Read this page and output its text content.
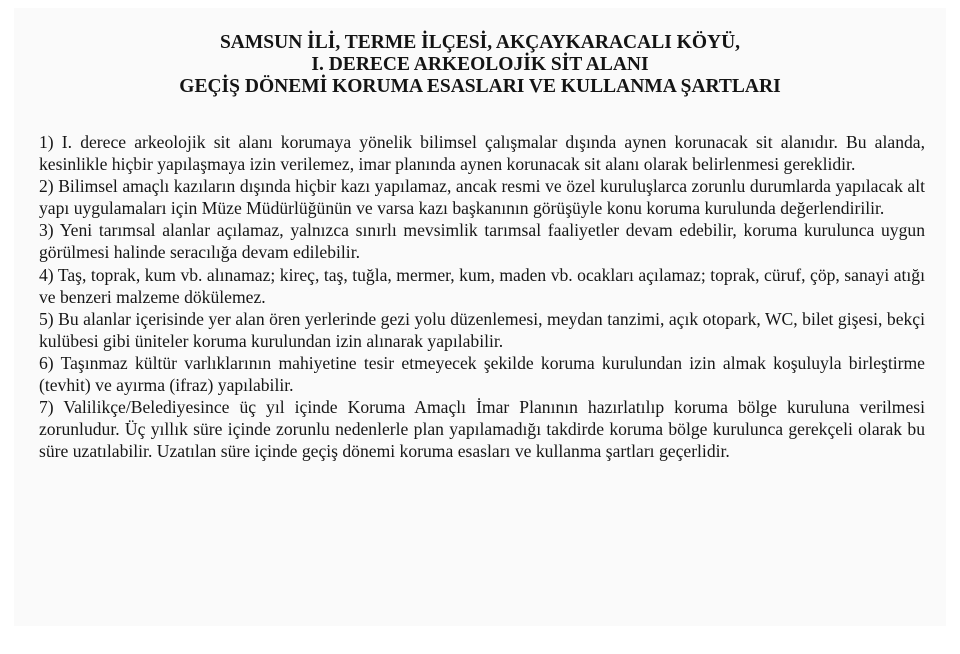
SAMSUN İLİ, TERME İLÇESİ, AKÇAYKARACALI KÖYÜ,
I. DERECE ARKEOLOJİK SİT ALANI
GEÇİŞ DÖNEMİ KORUMA ESASLARI VE KULLANMA ŞARTLARI

1) I. derece arkeolojik sit alanı korumaya yönelik bilimsel çalışmalar dışında aynen korunacak sit alanıdır. Bu alanda, kesinlikle hiçbir yapılaşmaya izin verilemez, imar planında aynen korunacak sit alanı olarak belirlenmesi gereklidir.

2) Bilimsel amaçlı kazıların dışında hiçbir kazı yapılamaz, ancak resmi ve özel kuruluşlarca zorunlu durumlarda yapılacak alt yapı uygulamaları için Müze Müdürlüğünün ve varsa kazı başkanının görüşüyle konu koruma kurulunda değerlendirilir.

3) Yeni tarımsal alanlar açılamaz, yalnızca sınırlı mevsimlik tarımsal faaliyetler devam edebilir, koruma kurulunca uygun görülmesi halinde seracılığa devam edilebilir.

4) Taş, toprak, kum vb. alınamaz; kireç, taş, tuğla, mermer, kum, maden vb. ocakları açılamaz; toprak, cüruf, çöp, sanayi atığı ve benzeri malzeme dökülemez.

5) Bu alanlar içerisinde yer alan ören yerlerinde gezi yolu düzenlemesi, meydan tanzimi, açık otopark, WC, bilet gişesi, bekçi kulübesi gibi üniteler koruma kurulundan izin alınarak yapılabilir.

6) Taşınmaz kültür varlıklarının mahiyetine tesir etmeyecek şekilde koruma kurulundan izin almak koşuluyla birleştirme (tevhit) ve ayırma (ifraz) yapılabilir.

7) Valilikçe/Belediyesince üç yıl içinde Koruma Amaçlı İmar Planının hazırlatılıp koruma bölge kuruluna verilmesi zorunludur. Üç yıllık süre içinde zorunlu nedenlerle plan yapılamadığı takdirde koruma bölge kurulunca gerekçeli olarak bu süre uzatılabilir. Uzatılan süre içinde geçiş dönemi koruma esasları ve kullanma şartları geçerlidir.
